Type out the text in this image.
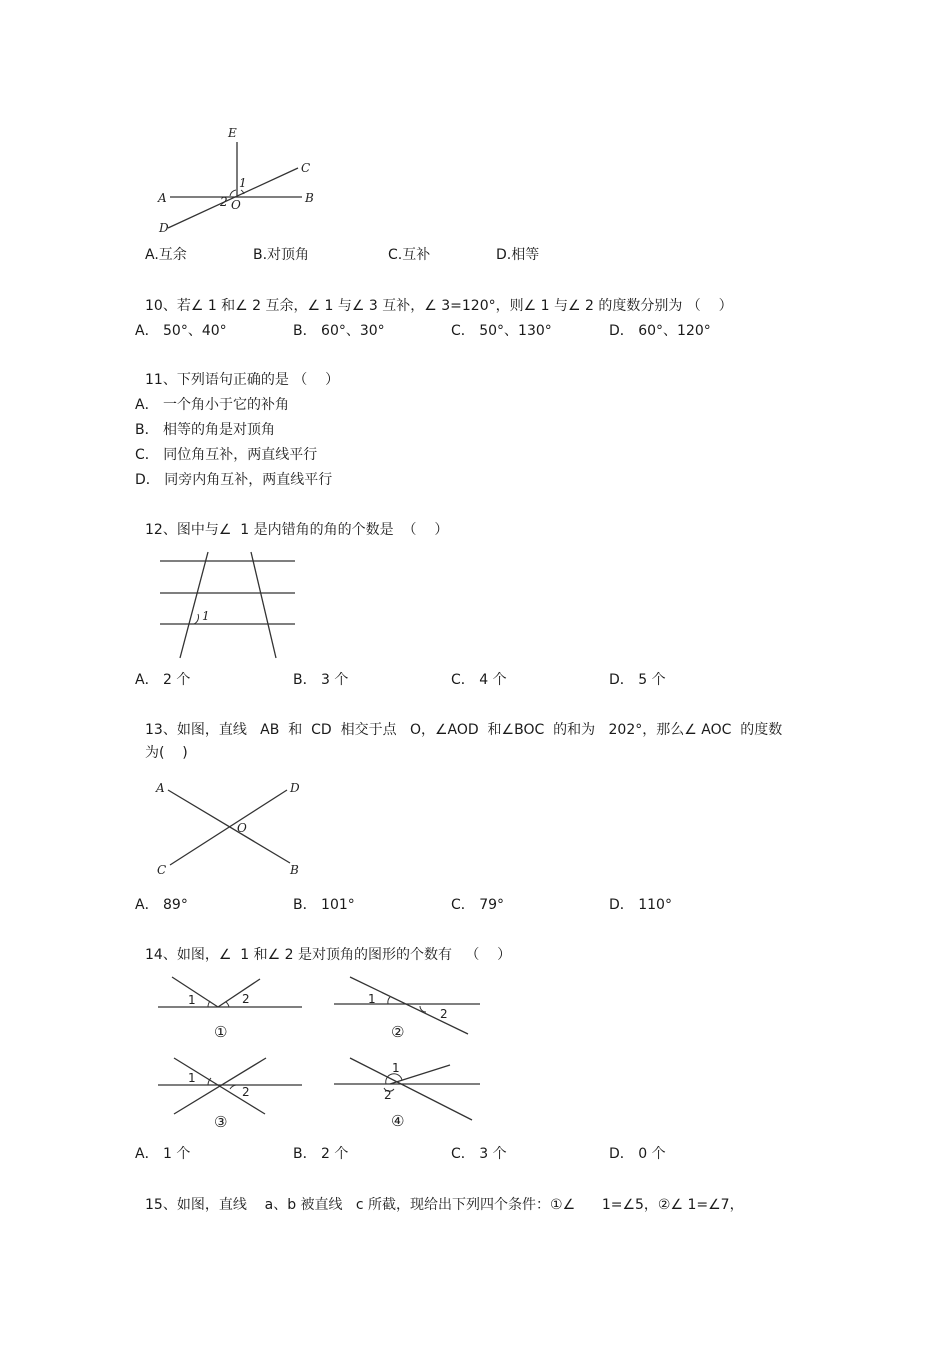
E
C
A	B
D
O
1
2
A.互余	B.对顶角	C.互补	D.相等
10、若∠ 1 和∠ 2 互余，∠ 1 与∠ 3 互补，∠ 3=120°，则∠ 1 与∠ 2 的度数分别为 （    ）
A． 50°、40°	B． 60°、30°	C． 50°、130°	D． 60°、120°
11、下列语句正确的是 （    ）
A． 一个角小于它的补角
B． 相等的角是对顶角
C． 同位角互补，两直线平行
D． 同旁内角互补，两直线平行
12、图中与∠  1 是内错角的角的个数是  （    ）
1
A． 2 个	B． 3 个	C． 4 个	D． 5 个
13、如图，直线   AB  和  CD  相交于点   O，∠AOD  和∠BOC  的和为   202°，那么∠ AOC  的度数
为(    )
A	D
O
C	B
A． 89°	B． 101°	C． 79°	D． 110°
14、如图，∠  1 和∠ 2 是对顶角的图形的个数有   （    ）
1	2
①
1
2
②
1
2
③
1
2
④
A． 1 个	B． 2 个	C． 3 个	D． 0 个
15、如图，直线    a、b 被直线   c 所截，现给出下列四个条件：①∠      1=∠5，②∠ 1=∠7，
